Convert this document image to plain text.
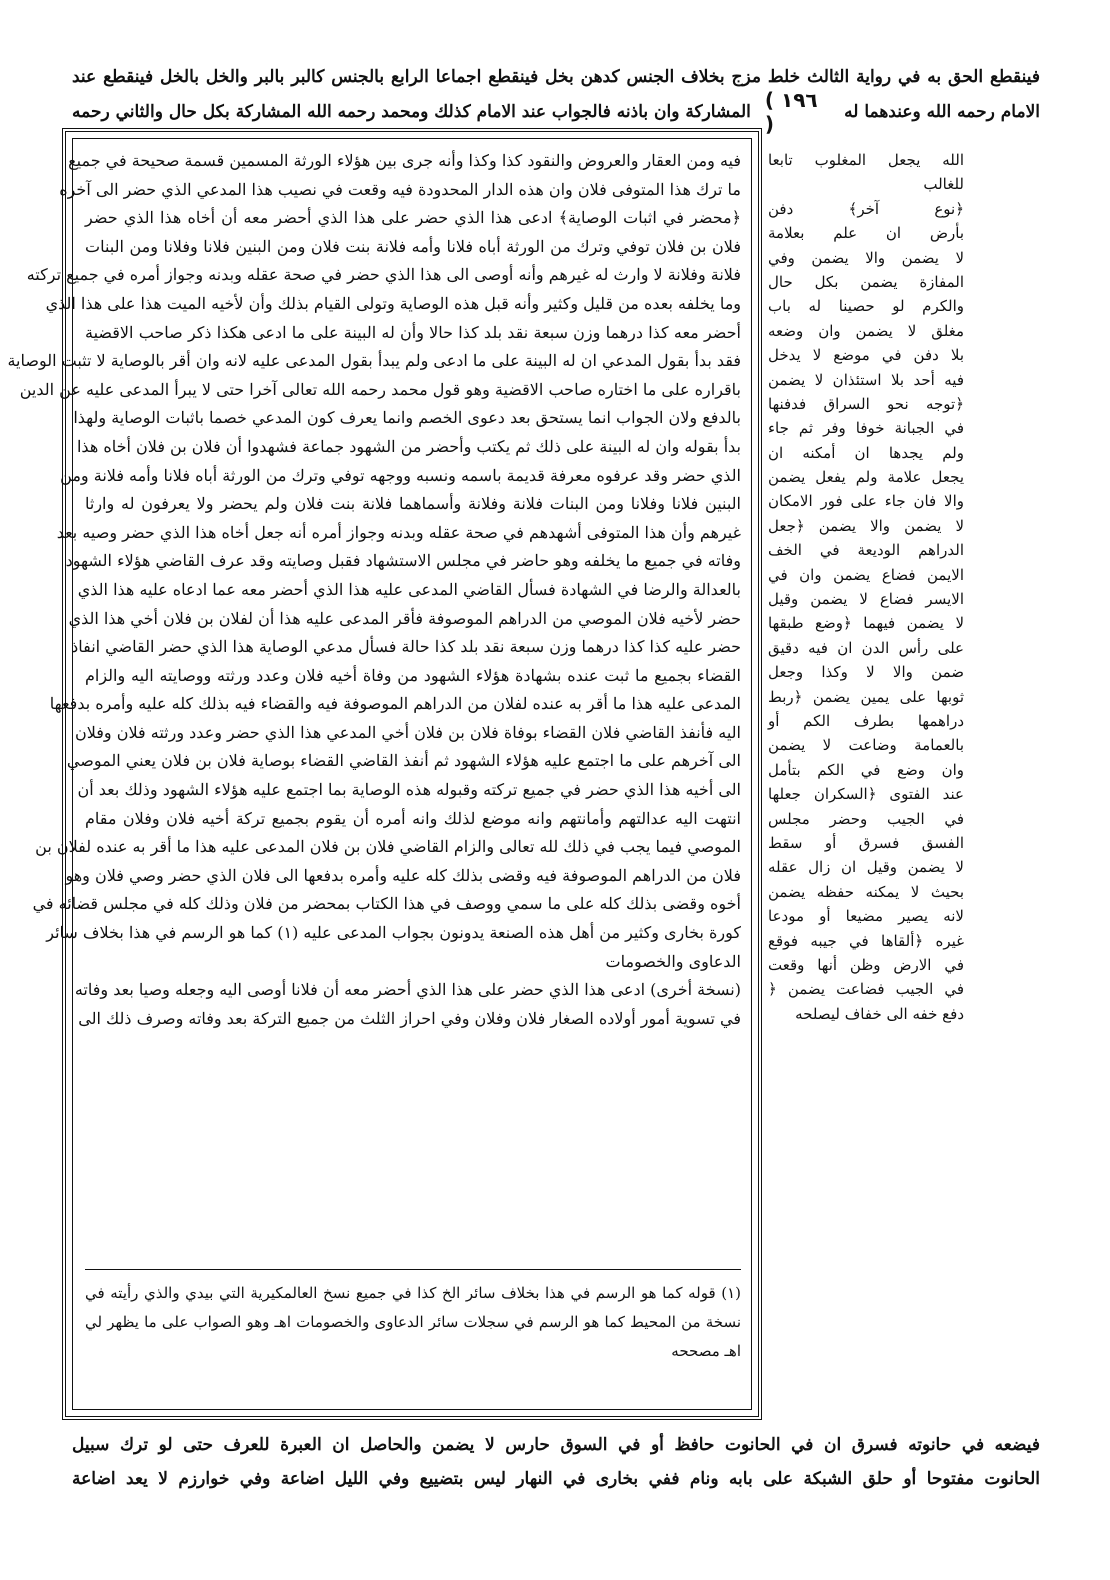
فينقطع الحق به في رواية الثالث خلط مزج بخلاف الجنس كدهن بخل فينقطع اجماعا الرابع بالجنس كالبر بالبر والخل بالخل فينقطع عند
الامام رحمه الله وعندهما له
( ١٩٦ )
المشاركة وان باذنه فالجواب عند الامام كذلك ومحمد رحمه الله المشاركة بكل حال والثاني رحمه
فيه ومن العقار والعروض والنقود كذا وكذا وأنه جرى بين هؤلاء الورثة المسمين قسمة صحيحة في جميع
ما ترك هذا المتوفى فلان وان هذه الدار المحدودة فيه وقعت في نصيب هذا المدعي الذي حضر الى آخره
﴿محضر في اثبات الوصاية﴾ ادعى هذا الذي حضر على هذا الذي أحضر معه أن أخاه هذا الذي حضر
فلان بن فلان توفي وترك من الورثة أباه فلانا وأمه فلانة بنت فلان ومن البنين فلانا وفلانا ومن البنات
فلانة وفلانة لا وارث له غيرهم وأنه أوصى الى هذا الذي حضر في صحة عقله وبدنه وجواز أمره في جميع تركته
وما يخلفه بعده من قليل وكثير وأنه قبل هذه الوصاية وتولى القيام بذلك وأن لأخيه الميت هذا على هذا الذي
أحضر معه كذا درهما وزن سبعة نقد بلد كذا حالا وأن له البينة على ما ادعى هكذا ذكر صاحب الاقضية
فقد بدأ بقول المدعي ان له البينة على ما ادعى ولم يبدأ بقول المدعى عليه لانه وان أقر بالوصاية لا تثبت الوصاية
باقراره على ما اختاره صاحب الاقضية وهو قول محمد رحمه الله تعالى آخرا حتى لا يبرأ المدعى عليه عن الدين
بالدفع ولان الجواب انما يستحق بعد دعوى الخصم وانما يعرف كون المدعي خصما باثبات الوصاية ولهذا
بدأ بقوله وان له البينة على ذلك ثم يكتب وأحضر من الشهود جماعة فشهدوا أن فلان بن فلان أخاه هذا
الذي حضر وقد عرفوه معرفة قديمة باسمه ونسبه ووجهه توفي وترك من الورثة أباه فلانا وأمه فلانة ومن
البنين فلانا وفلانا ومن البنات فلانة وفلانة وأسماهما فلانة بنت فلان ولم يحضر ولا يعرفون له وارثا
غيرهم وأن هذا المتوفى أشهدهم في صحة عقله وبدنه وجواز أمره أنه جعل أخاه هذا الذي حضر وصيه بعد
وفاته في جميع ما يخلفه وهو حاضر في مجلس الاستشهاد فقبل وصايته وقد عرف القاضي هؤلاء الشهود
بالعدالة والرضا في الشهادة فسأل القاضي المدعى عليه هذا الذي أحضر معه عما ادعاه عليه هذا الذي
حضر لأخيه فلان الموصي من الدراهم الموصوفة فأقر المدعى عليه هذا أن لفلان بن فلان أخي هذا الذي
حضر عليه كذا كذا درهما وزن سبعة نقد بلد كذا حالة فسأل مدعي الوصاية هذا الذي حضر القاضي انفاذ
القضاء بجميع ما ثبت عنده بشهادة هؤلاء الشهود من وفاة أخيه فلان وعدد ورثته ووصايته اليه والزام
المدعى عليه هذا ما أقر به عنده لفلان من الدراهم الموصوفة فيه والقضاء فيه بذلك كله عليه وأمره بدفعها
اليه فأنفذ القاضي فلان القضاء بوفاة فلان بن فلان أخي المدعي هذا الذي حضر وعدد ورثته فلان وفلان
الى آخرهم على ما اجتمع عليه هؤلاء الشهود ثم أنفذ القاضي القضاء بوصاية فلان بن فلان يعني الموصي
الى أخيه هذا الذي حضر في جميع تركته وقبوله هذه الوصاية بما اجتمع عليه هؤلاء الشهود وذلك بعد أن
انتهت اليه عدالتهم وأمانتهم وانه موضع لذلك وانه أمره أن يقوم بجميع تركة أخيه فلان وفلان مقام
الموصي فيما يجب في ذلك لله تعالى والزام القاضي فلان بن فلان المدعى عليه هذا ما أقر به عنده لفلان بن
فلان من الدراهم الموصوفة فيه وقضى بذلك كله عليه وأمره بدفعها الى فلان الذي حضر وصي فلان وهو
أخوه وقضى بذلك كله على ما سمي ووصف في هذا الكتاب بمحضر من فلان وذلك كله في مجلس قضائه في
كورة بخارى وكثير من أهل هذه الصنعة يدونون بجواب المدعى عليه (١) كما هو الرسم في هذا بخلاف سائر
الدعاوى والخصومات
(نسخة أخرى) ادعى هذا الذي حضر على هذا الذي أحضر معه أن فلانا أوصى اليه وجعله وصيا بعد وفاته
في تسوية أمور أولاده الصغار فلان وفلان وفي احراز الثلث من جميع التركة بعد وفاته وصرف ذلك الى
(١) قوله كما هو الرسم في هذا بخلاف سائر الخ كذا في جميع نسخ العالمكيرية التي بيدي والذي رأيته في
نسخة من المحيط كما هو الرسم في سجلات سائر الدعاوى والخصومات اهـ وهو الصواب على ما يظهر لي
اهـ مصححه
الله يجعل المغلوب تابعا
للغالب
﴿نوع آخر﴾ دفن
بأرض ان علم بعلامة
لا يضمن والا يضمن وفي
المفازة يضمن بكل حال
والكرم لو حصينا له باب
مغلق لا يضمن وان وضعه
بلا دفن في موضع لا يدخل
فيه أحد بلا استئذان لا يضمن
﴿توجه نحو السراق فدفنها
في الجبانة خوفا وفر ثم جاء
ولم يجدها ان أمكنه ان
يجعل علامة ولم يفعل يضمن
والا فان جاء على فور الامكان
لا يضمن والا يضمن ﴿جعل
الدراهم الوديعة في الخف
الايمن فضاع يضمن وان في
الايسر فضاع لا يضمن وقيل
لا يضمن فيهما ﴿وضع طبقها
على رأس الدن ان فيه دقيق
ضمن والا لا وكذا وجعل
ثوبها على يمين يضمن ﴿ربط
دراهمها بطرف الكم أو
بالعمامة وضاعت لا يضمن
وان وضع في الكم بتأمل
عند الفتوى ﴿السكران جعلها
في الجيب وحضر مجلس
الفسق فسرق أو سقط
لا يضمن وقيل ان زال عقله
بحيث لا يمكنه حفظه يضمن
لانه يصير مضيعا أو مودعا
غيره ﴿ألقاها في جيبه فوقع
في الارض وظن أنها وقعت
في الجيب فضاعت يضمن ﴿
دفع خفه الى خفاف ليصلحه
فيضعه في حانوته فسرق ان في الحانوت حافظ أو في السوق حارس لا يضمن والحاصل ان العبرة للعرف حتى لو ترك سبيل
الحانوت مفتوحا أو حلق الشبكة على بابه ونام ففي بخارى في النهار ليس بتضييع وفي الليل اضاعة وفي خوارزم لا يعد اضاعة
